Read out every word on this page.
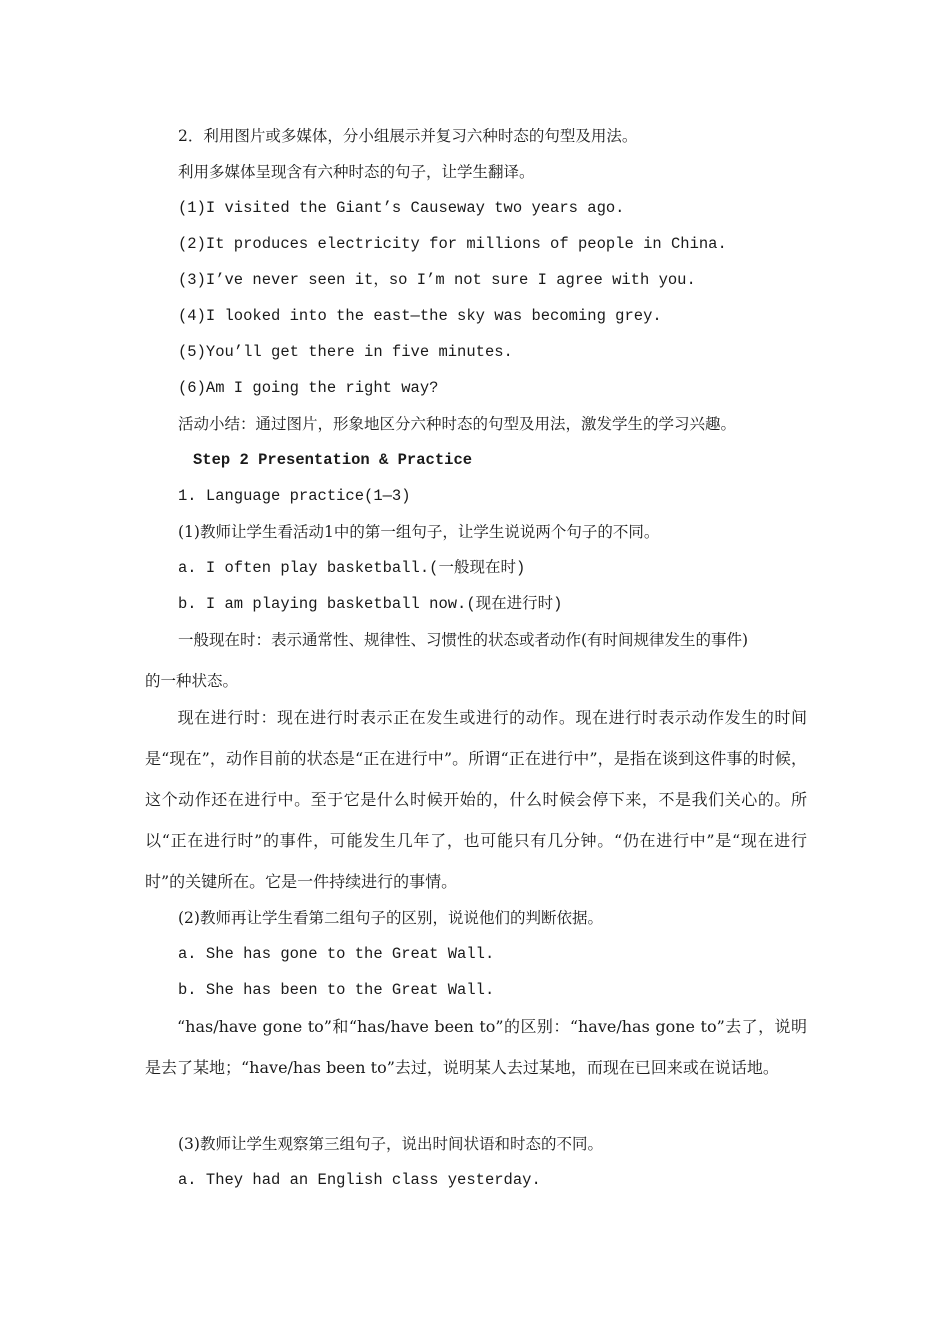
2．利用图片或多媒体，分小组展示并复习六种时态的句型及用法。
利用多媒体呈现含有六种时态的句子，让学生翻译。
(1)I visited the Giant’s Causeway two years ago.
(2)It produces electricity for millions of people in China.
(3)I’ve never seen it，so I’m not sure I agree with you.
(4)I looked into the east—the sky was becoming grey.
(5)You’ll get there in five minutes.
(6)Am I going the right way?
活动小结：通过图片，形象地区分六种时态的句型及用法，激发学生的学习兴趣。
Step 2 Presentation & Practice
1. Language practice(1—3)
(1)教师让学生看活动1中的第一组句子，让学生说说两个句子的不同。
a. I often play basketball.(一般现在时)
b. I am playing basketball now.(现在进行时)
一般现在时：表示通常性、规律性、习惯性的状态或者动作(有时间规律发生的事件)
的一种状态。
现在进行时：现在进行时表示正在发生或进行的动作。现在进行时表示动作发生的时间是“现在”，动作目前的状态是“正在进行中”。所谓“正在进行中”，是指在谈到这件事的时候，这个动作还在进行中。至于它是什么时候开始的，什么时候会停下来，不是我们关心的。所以“正在进行时”的事件，可能发生几年了，也可能只有几分钟。“仍在进行中”是“现在进行时”的关键所在。它是一件持续进行的事情。
(2)教师再让学生看第二组句子的区别，说说他们的判断依据。
a. She has gone to the Great Wall.
b. She has been to the Great Wall.
“has/have gone to”和“has/have been to”的区别：“have/has gone to”去了，说明是去了某地；“have/has been to”去过，说明某人去过某地，而现在已回来或在说话地。
(3)教师让学生观察第三组句子，说出时间状语和时态的不同。
a. They had an English class yesterday.
